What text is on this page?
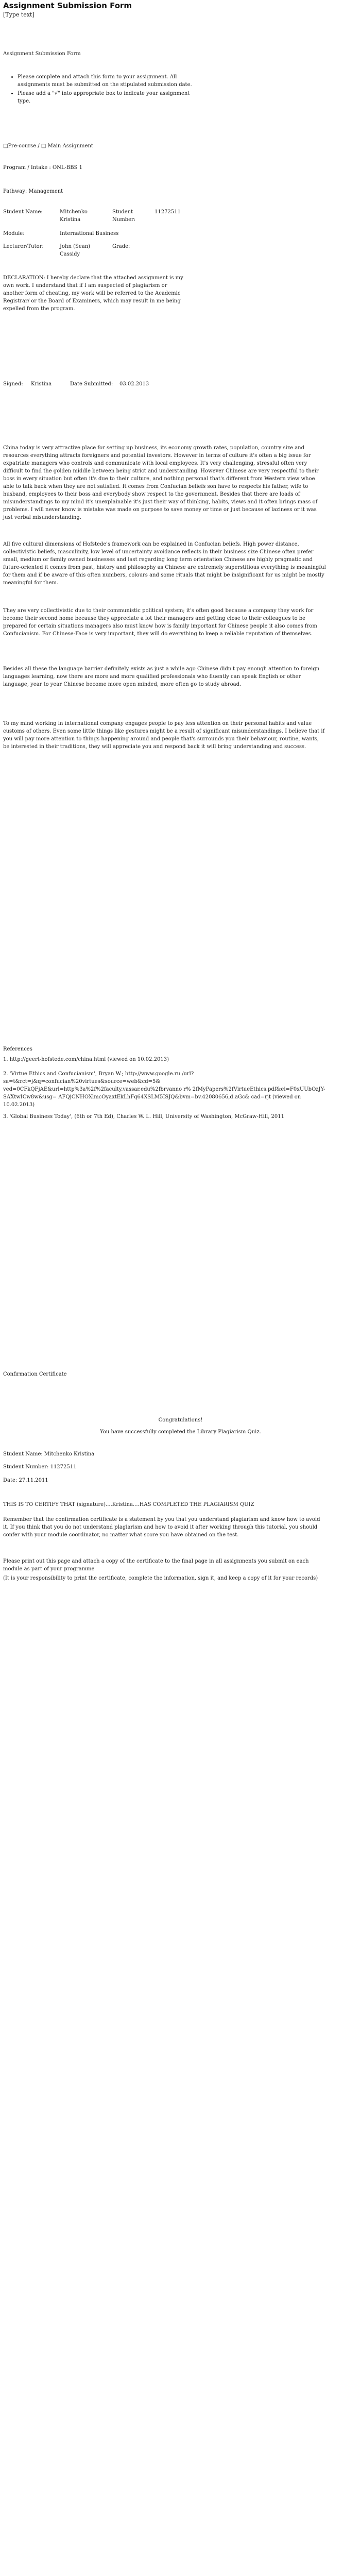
Assignment Submission Form
[Type text]
Assignment Submission Form
• Please complete and attach this form to your assignment. All assignments must be submitted on the stipulated submission date.
• Please add a "√" into appropriate box to indicate your assignment type.
□Pre-course / □ Main Assignment
Program / Intake : ONL-BBS 1
Pathway: Management
Student Name:	Mitchenko Kristina
Student Number:
11272511
Module:	International Business
Lecturer/Tutor:	John (Sean) Cassidy
Grade:
DECLARATION: I hereby declare that the attached assignment is my own work. I understand that if I am suspected of plagiarism or another form of cheating, my work will be referred to the Academic Registrar/ or the Board of Examiners, which may result in me being expelled from the program.
Signed: Kristina	Date Submitted: 03.02.2013
China today is very attractive place for setting up business, its economy growth rates, population, country size and resources everything attracts foreigners and potential investors. However in terms of culture it's often a big issue for expatriate managers who controls and communicate with local employees. It's very challenging, stressful often very difficult to find the golden middle between being strict and understanding. However Chinese are very respectful to their boss in every situation but often it's due to their culture, and nothing personal that's different from Western view whoe able to talk back when they are not satisfied. It comes from Confucian beliefs son have to respects his father, wife to husband, employees to their boss and everybody show respect to the government. Besides that there are loads of misunderstandings to my mind it's unexplainable it's just their way of thinking, habits, views and it often brings mass of problems. I will never know is mistake was made on purpose to save money or time or just because of laziness or it was just verbal misunderstanding.
All five cultural dimensions of Hofstede's framework can be explained in Confucian beliefs. High power distance, collectivistic beliefs, masculinity, low level of uncertainty avoidance reflects in their business size Chinese often prefer small, medium or family owned businesses and last regarding long term orientation Chinese are highly pragmatic and future-oriented it comes from past, history and philosophy as Chinese are extremely superstitious everything is meaningful for them and if be aware of this often numbers, colours and some rituals that might be insignificant for us might be mostly meaningful for them.
They are very collectivistic due to their communistic political system; it's often good because a company they work for become their second home because they appreciate a lot their managers and getting close to their colleagues to be prepared for certain situations managers also must know how is family important for Chinese people it also comes from Confucianism. For Chinese-Face is very important, they will do everything to keep a reliable reputation of themselves.
Besides all these the language barrier definitely exists as just a while ago Chinese didn't pay enough attention to foreign languages learning, now there are more and more qualified professionals who fluently can speak English or other language, year to year Chinese become more open minded, more often go to study abroad.
To my mind working in international company engages people to pay less attention on their personal habits and value customs of others. Even some little things like gestures might be a result of significant misunderstandings. I believe that if you will pay more attention to things happening around and people that's surrounds you their behaviour, routine, wants, be interested in their traditions, they will appreciate you and respond back it will bring understanding and success.
References
1. http://geert-hofstede.com/china.html (viewed on 10.02.2013)
2. 'Virtue Ethics and Confucianism', Bryan W.; http://www.google.ru /url?sa=t&rct=j&q=confucian%20virtues&source=web&cd=5& ved=0CFkQFjAE&url=http%3a%2f%2faculty.vassar.edu%2fbrvanno r% 2fMyPapers%2fVirtueEthics.pdf&ei=F0xUUbOzJY-SAXtwICw8w&usg= AFQjCNHOXlmcOyaxtEkLhFq64XSLM5ISJQ&bvm=bv.42080656,d.aGc& cad=rjt (viewed on 10.02.2013)
3. 'Global Business Today', (6th or 7th Ed), Charles W. L. Hill, University of Washington, McGraw-Hill, 2011
Confirmation Certificate
Congratulations!
You have successfully completed the Library Plagiarism Quiz.
Student Name: Mitchenko Kristina
Student Number: 11272511
Date: 27.11.2011
THIS IS TO CERTIFY THAT (signature)....Kristina....HAS COMPLETED THE PLAGIARISM QUIZ
Remember that the confirmation certificate is a statement by you that you understand plagiarism and know how to avoid it. If you think that you do not understand plagiarism and how to avoid it after working through this tutorial, you should confer with your module coordinator, no matter what score you have obtained on the test.
Please print out this page and attach a copy of the certificate to the final page in all assignments you submit on each module as part of your programme
(It is your responsibility to print the certificate, complete the information, sign it, and keep a copy of it for your records)
